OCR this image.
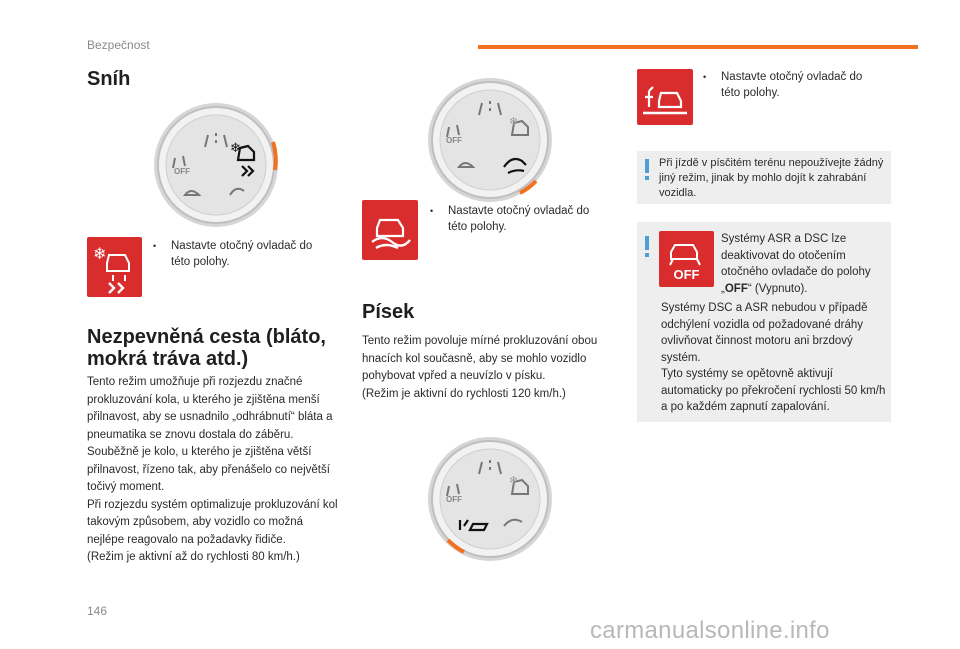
Bezpečnost
Sníh
OFF
❄
❄	• Nastavte otočný ovladač do
této polohy.
Nezpevněná cesta (bláto,
mokrá tráva atd.)

Tento režim umožňuje při rozjezdu značné prokluzování kola, u kterého je zjištěna menší přilnavost, aby se usnadnilo „odhrábnutí“ bláta a pneumatika se znovu dostala do záběru. Souběžně je kolo, u kterého je zjištěna větší přilnavost, řízeno tak, aby přenášelo co největší točivý moment.
Při rozjezdu systém optimalizuje prokluzování kol takovým způsobem, aby vozidlo co možná nejlépe reagovalo na požadavky řidiče.
(Režim je aktivní až do rychlosti 80 km/h.)

❄
OFF
• Nastavte otočný ovladač do
této polohy.
Písek

Tento režim povoluje mírné prokluzování obou hnacích kol současně, aby se mohlo vozidlo pohybovat vpřed a neuvízlo v písku.
(Režim je aktivní do rychlosti 120 km/h.)

❄
OFF
• Nastavte otočný ovladač do
této polohy.

Při jízdě v písčitém terénu nepoužívejte žádný jiný režim, jinak by mohlo dojít k zahrabání vozidla.

OFF

Systémy ASR a DSC lze deaktivovat do otočením otočného ovladače do polohy „OFF“ (Vypnuto).

Systémy DSC a ASR nebudou v případě odchýlení vozidla od požadované dráhy ovlivňovat činnost motoru ani brzdový systém.
Tyto systémy se opětovně aktivují automaticky po překročení rychlosti 50 km/h a po každém zapnutí zapalování.

146
carmanualsonline.info
